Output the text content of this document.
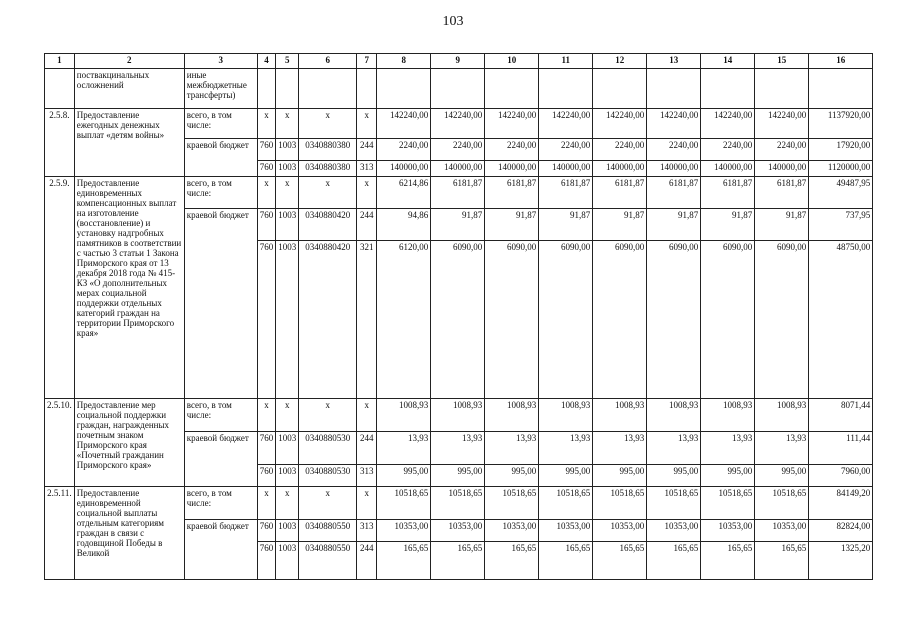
103
1	2	3	4	5	6	7	8	9	10	11	12	13	14	15	16
	поствакцинальных осложнений	иные межбюджетные трансферты)													
2.5.8.	Предоставление ежегодных денежных выплат «детям войны»	всего, в том числе:	x	x	x	x	142240,00	142240,00	142240,00	142240,00	142240,00	142240,00	142240,00	142240,00	1137920,00
		краевой бюджет	760	1003	0340880380	244	2240,00	2240,00	2240,00	2240,00	2240,00	2240,00	2240,00	2240,00	17920,00
			760	1003	0340880380	313	140000,00	140000,00	140000,00	140000,00	140000,00	140000,00	140000,00	140000,00	1120000,00
2.5.9.	Предоставление единовременных компенсационных выплат на изготовление (восстановление) и установку надгробных памятников в соответствии с частью 3 статьи 1 Закона Приморского края от 13 декабря 2018 года № 415-КЗ «О дополнительных мерах социальной поддержки отдельных категорий граждан на территории Приморского края»	всего, в том числе:	x	x	x	x	6214,86	6181,87	6181,87	6181,87	6181,87	6181,87	6181,87	6181,87	49487,95
		краевой бюджет	760	1003	0340880420	244	94,86	91,87	91,87	91,87	91,87	91,87	91,87	91,87	737,95
			760	1003	0340880420	321	6120,00	6090,00	6090,00	6090,00	6090,00	6090,00	6090,00	6090,00	48750,00
2.5.10.	Предоставление мер социальной поддержки граждан, награжденных почетным знаком Приморского края «Почетный гражданин Приморского края»	всего, в том числе:	x	x	x	x	1008,93	1008,93	1008,93	1008,93	1008,93	1008,93	1008,93	1008,93	8071,44
		краевой бюджет	760	1003	0340880530	244	13,93	13,93	13,93	13,93	13,93	13,93	13,93	13,93	111,44
			760	1003	0340880530	313	995,00	995,00	995,00	995,00	995,00	995,00	995,00	995,00	7960,00
2.5.11.	Предоставление единовременной социальной выплаты отдельным категориям граждан в связи с годовщиной Победы в Великой	всего, в том числе:	x	x	x	x	10518,65	10518,65	10518,65	10518,65	10518,65	10518,65	10518,65	10518,65	84149,20
		краевой бюджет	760	1003	0340880550	313	10353,00	10353,00	10353,00	10353,00	10353,00	10353,00	10353,00	10353,00	82824,00
			760	1003	0340880550	244	165,65	165,65	165,65	165,65	165,65	165,65	165,65	165,65	1325,20
